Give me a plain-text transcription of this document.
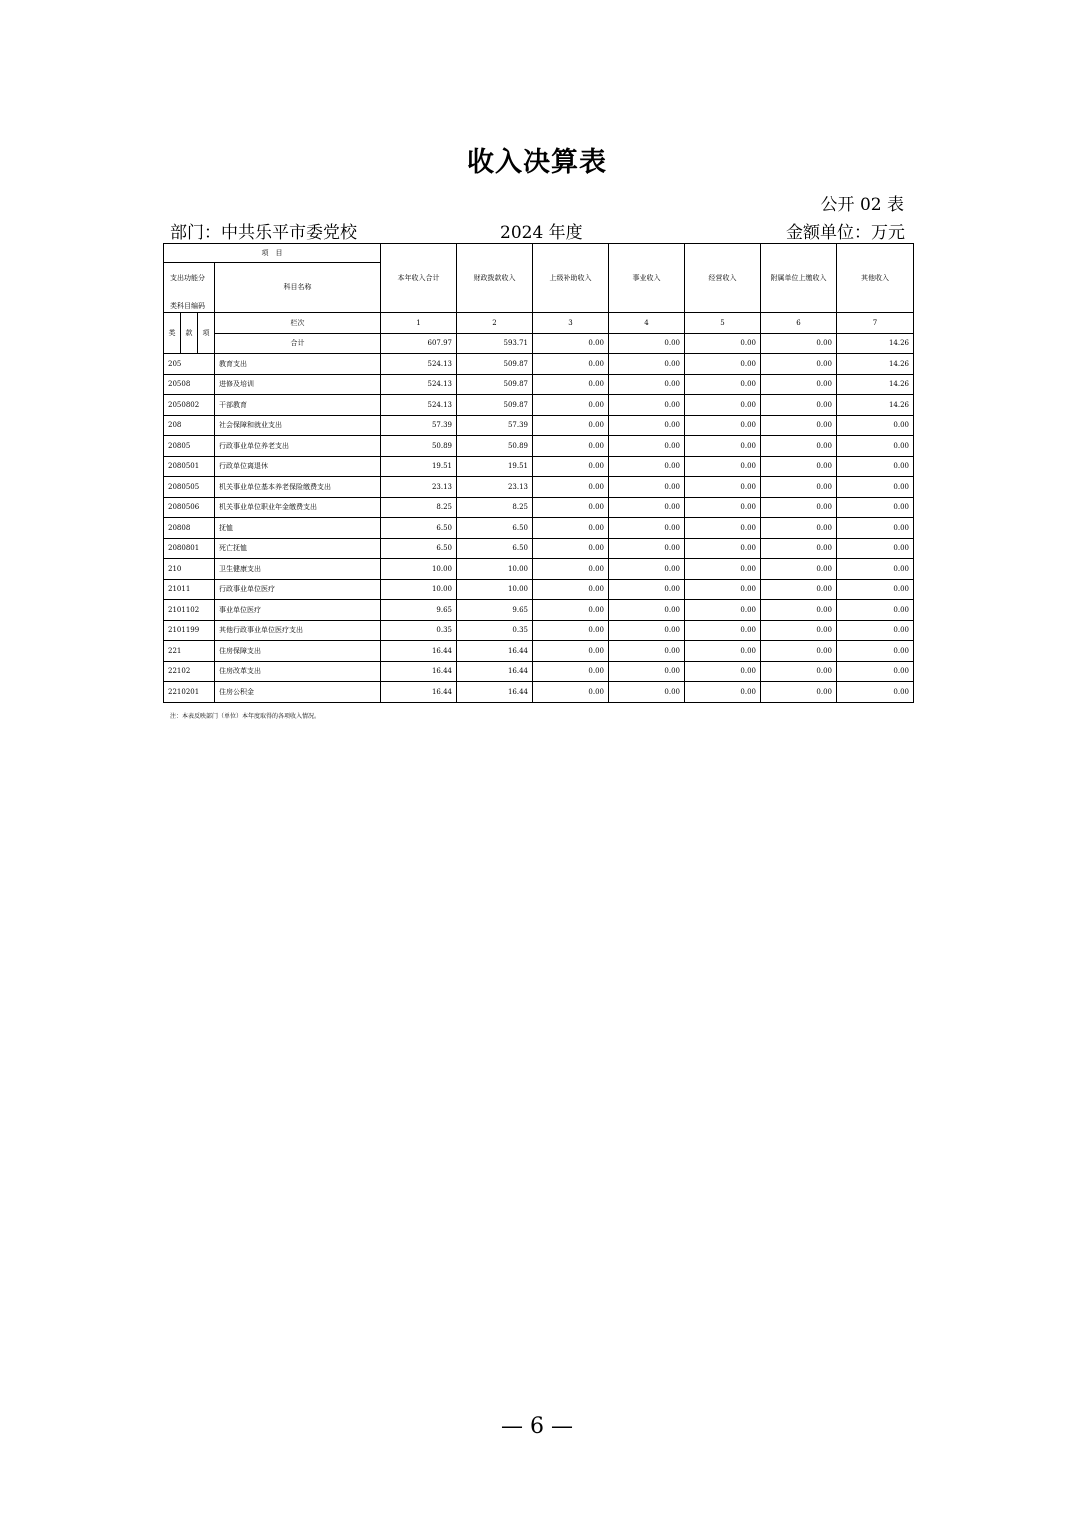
收入决算表
公开 02 表
部门：中共乐平市委党校	2024 年度	金额单位：万元
项　目
支出功能分
类科目编码
科目名称				本年收入合计	财政拨款收入	上级补助收入	事业收入	经营收入	附属单位上缴收入	其他收入
类	款	项	栏次	1	2	3	4	5	6	7
			合计	607.97	593.71	0.00	0.00	0.00	0.00	14.26
205			教育支出	524.13	509.87	0.00	0.00	0.00	0.00	14.26
20508			进修及培训	524.13	509.87	0.00	0.00	0.00	0.00	14.26
2050802			干部教育	524.13	509.87	0.00	0.00	0.00	0.00	14.26
208			社会保障和就业支出	57.39	57.39	0.00	0.00	0.00	0.00	0.00
20805			行政事业单位养老支出	50.89	50.89	0.00	0.00	0.00	0.00	0.00
2080501			行政单位离退休	19.51	19.51	0.00	0.00	0.00	0.00	0.00
2080505			机关事业单位基本养老保险缴费支出	23.13	23.13	0.00	0.00	0.00	0.00	0.00
2080506			机关事业单位职业年金缴费支出	8.25	8.25	0.00	0.00	0.00	0.00	0.00
20808			抚恤	6.50	6.50	0.00	0.00	0.00	0.00	0.00
2080801			死亡抚恤	6.50	6.50	0.00	0.00	0.00	0.00	0.00
210			卫生健康支出	10.00	10.00	0.00	0.00	0.00	0.00	0.00
21011			行政事业单位医疗	10.00	10.00	0.00	0.00	0.00	0.00	0.00
2101102			事业单位医疗	9.65	9.65	0.00	0.00	0.00	0.00	0.00
2101199			其他行政事业单位医疗支出	0.35	0.35	0.00	0.00	0.00	0.00	0.00
221			住房保障支出	16.44	16.44	0.00	0.00	0.00	0.00	0.00
22102			住房改革支出	16.44	16.44	0.00	0.00	0.00	0.00	0.00
2210201			住房公积金	16.44	16.44	0.00	0.00	0.00	0.00	0.00
注：本表反映部门（单位）本年度取得的各项收入情况。
— 6 —
